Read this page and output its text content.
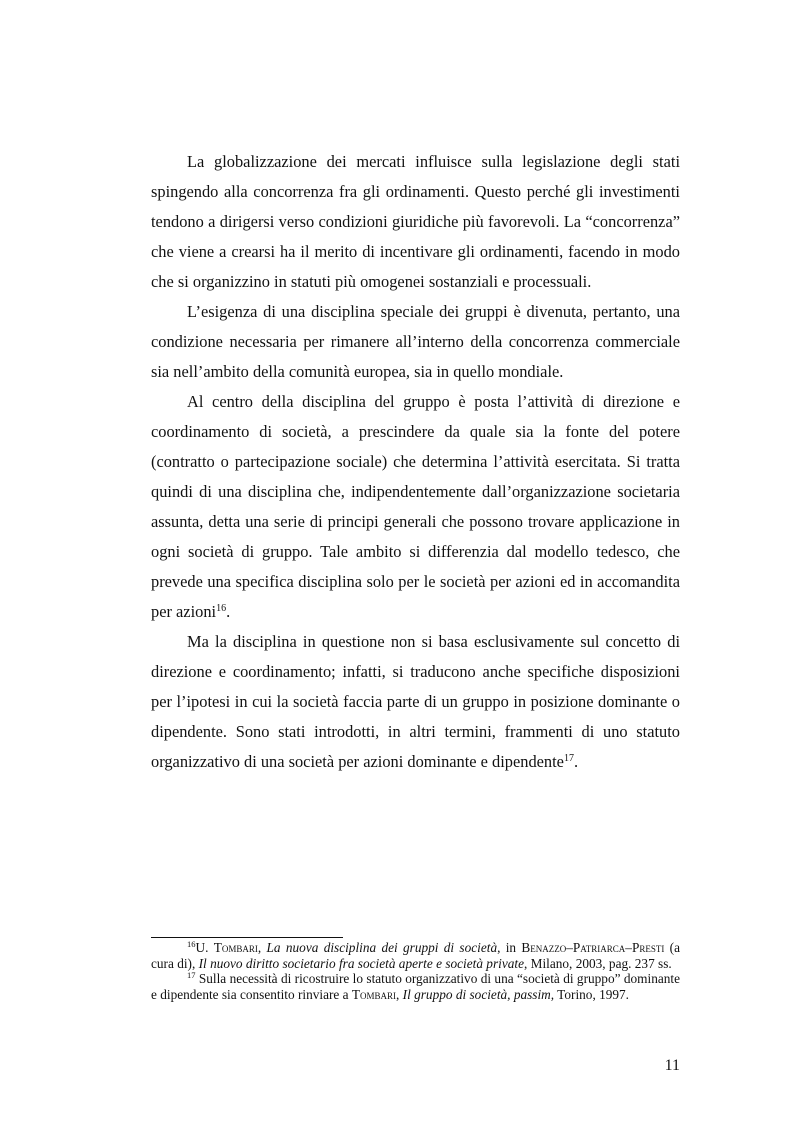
La globalizzazione dei mercati influisce sulla legislazione degli stati spingendo alla concorrenza fra gli ordinamenti. Questo perché gli investimenti tendono a dirigersi verso condizioni giuridiche più favorevoli. La “concorrenza” che viene a crearsi ha il merito di incentivare gli ordinamenti, facendo in modo che si organizzino in statuti più omogenei sostanziali e processuali.

L’esigenza di una disciplina speciale dei gruppi è divenuta, pertanto, una condizione necessaria per rimanere all’interno della concorrenza commerciale sia nell’ambito della comunità europea, sia in quello mondiale.

Al centro della disciplina del gruppo è posta l’attività di direzione e coordinamento di società, a prescindere da quale sia la fonte del potere (contratto o partecipazione sociale) che determina l’attività esercitata. Si tratta quindi di una disciplina che, indipendentemente dall’organizzazione societaria assunta, detta una serie di principi generali che possono trovare applicazione in ogni società di gruppo. Tale ambito si differenzia dal modello tedesco, che prevede una specifica disciplina solo per le società per azioni ed in accomandita per azioni$^{16}$.

Ma la disciplina in questione non si basa esclusivamente sul concetto di direzione e coordinamento; infatti, si traducono anche specifiche disposizioni per l’ipotesi in cui la società faccia parte di un gruppo in posizione dominante o dipendente. Sono stati introdotti, in altri termini, frammenti di uno statuto organizzativo di una società per azioni dominante e dipendente$^{17}$.

$^{16}$U. Tombari, La nuova disciplina dei gruppi di società, in Benazzo–Patriarca–Presti (a cura di), Il nuovo diritto societario fra società aperte e società private, Milano, 2003, pag. 237 ss.

$^{17}$ Sulla necessità di ricostruire lo statuto organizzativo di una “società di gruppo” dominante e dipendente sia consentito rinviare a Tombari, Il gruppo di società, passim, Torino, 1997.

11
